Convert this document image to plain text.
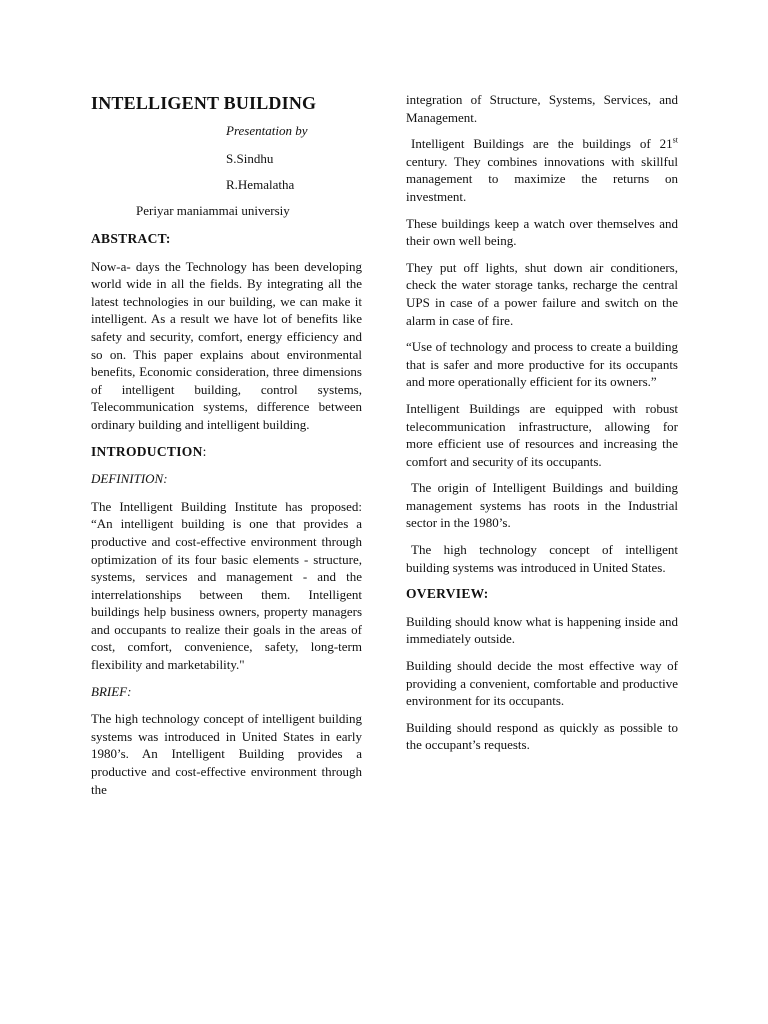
INTELLIGENT BUILDING
Presentation by
S.Sindhu
R.Hemalatha
Periyar maniammai universiy
ABSTRACT:

Now-a- days the Technology has been developing world wide in all the fields. By integrating all the latest technologies in our building, we can make it intelligent. As a result we have lot of benefits like safety and security, comfort, energy efficiency and so on. This paper explains about environmental benefits, Economic consideration, three dimensions of intelligent building, control systems, Telecommunication systems, difference between ordinary building and intelligent building.

INTRODUCTION:
DEFINITION:

The Intelligent Building Institute has proposed: “An intelligent building is one that provides a productive and cost-effective environment through optimization of its four basic elements - structure, systems, services and management - and the interrelationships between them. Intelligent buildings help business owners, property managers and occupants to realize their goals in the areas of cost, comfort, convenience, safety, long-term flexibility and marketability."

BRIEF:

The high technology concept of intelligent building systems was introduced in United States in early 1980’s. An Intelligent Building provides a productive and cost-effective environment through the

integration of Structure, Systems, Services, and Management.

Intelligent Buildings are the buildings of 21st century. They combines innovations with skillful management to maximize the returns on investment.

These buildings keep a watch over themselves and their own well being.

They put off lights, shut down air conditioners, check the water storage tanks, recharge the central UPS in case of a power failure and switch on the alarm in case of fire.

“Use of technology and process to create a building that is safer and more productive for its occupants and more operationally efficient for its owners.”

Intelligent Buildings are equipped with robust telecommunication infrastructure, allowing for more efficient use of resources and increasing the comfort and security of its occupants.

The origin of Intelligent Buildings and building management systems has roots in the Industrial sector in the 1980’s.

The high technology concept of intelligent building systems was introduced in United States.

OVERVIEW:

Building should know what is happening inside and immediately outside.

Building should decide the most effective way of providing a convenient, comfortable and productive environment for its occupants.

Building should respond as quickly as possible to the occupant’s requests.
